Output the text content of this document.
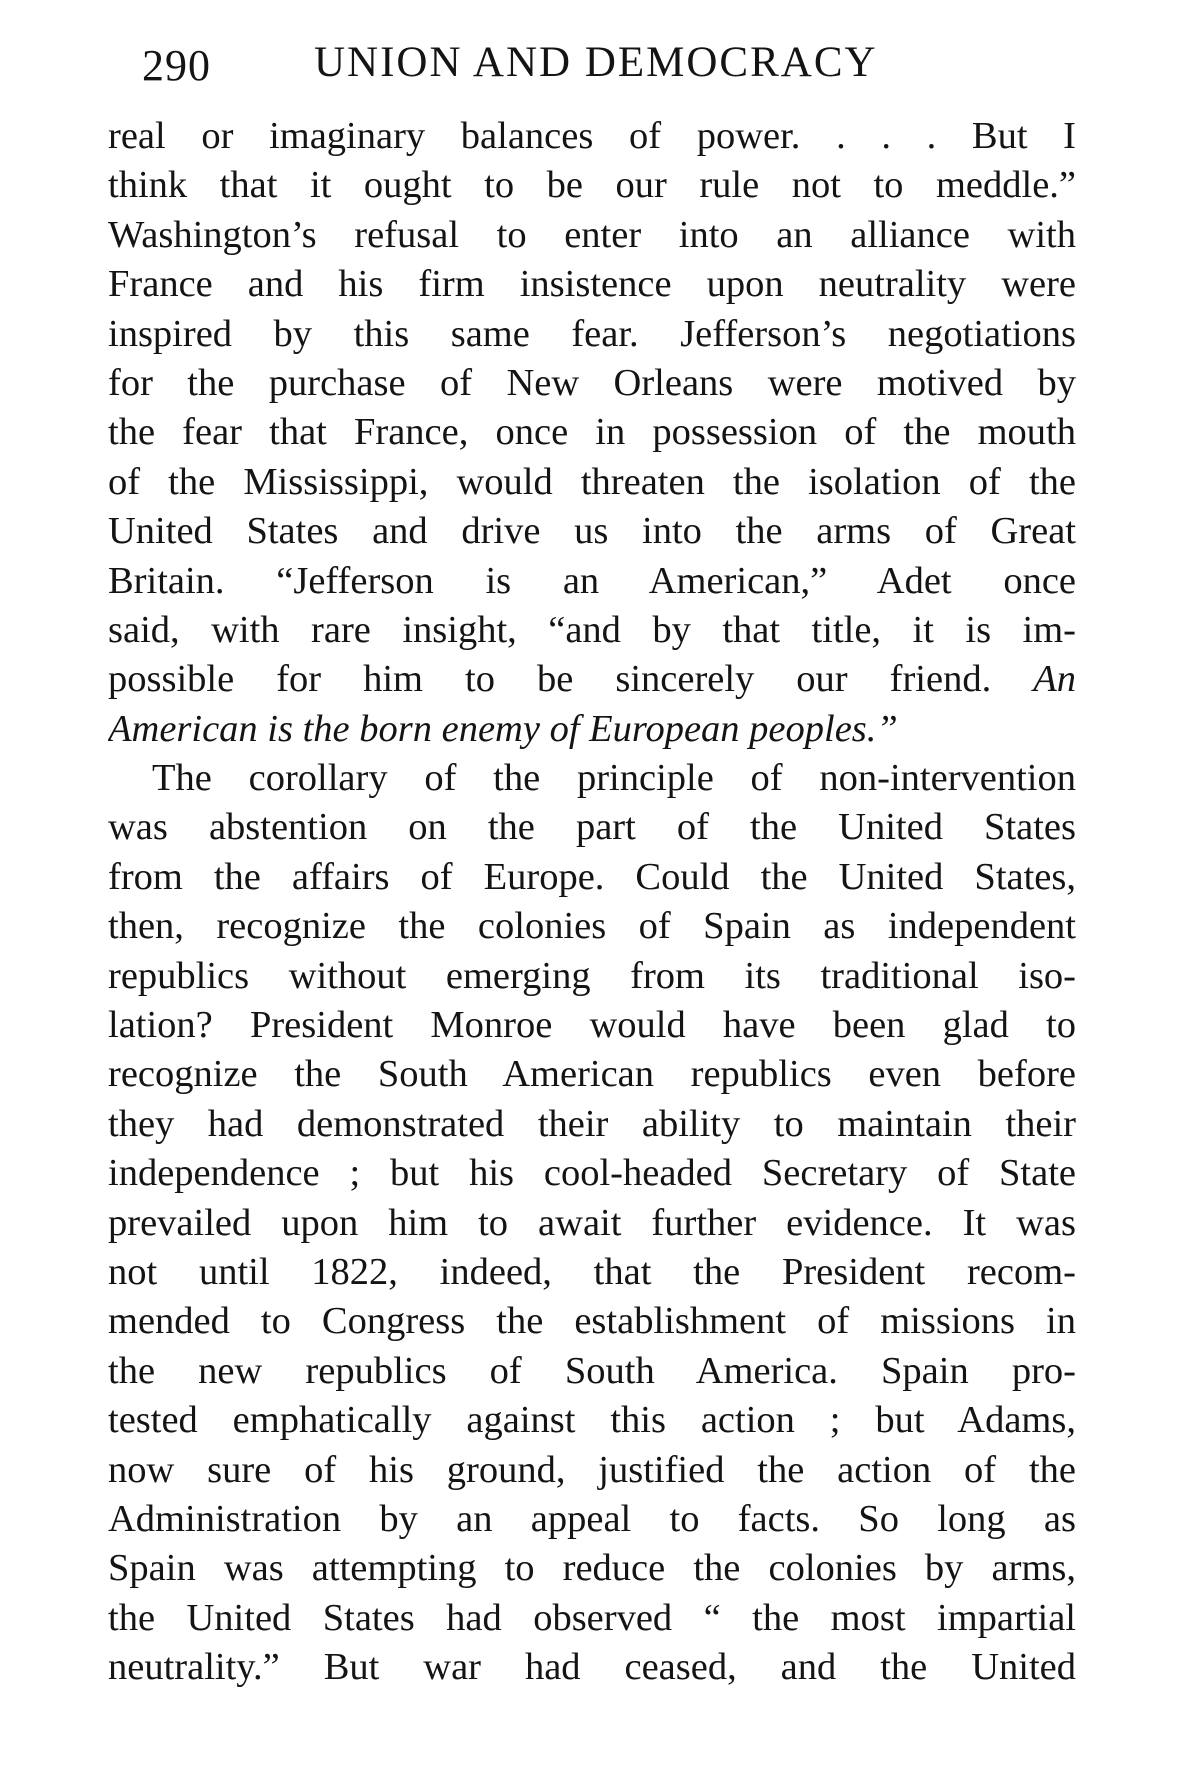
290 UNION AND DEMOCRACY
real or imaginary balances of power. . . . But I
think that it ought to be our rule not to meddle.”
Washington’s refusal to enter into an alliance with
France and his firm insistence upon neutrality were
inspired by this same fear. Jefferson’s negotiations
for the purchase of New Orleans were motived by
the fear that France, once in possession of the mouth
of the Mississippi, would threaten the isolation of the
United States and drive us into the arms of Great
Britain. “Jefferson is an American,” Adet once
said, with rare insight, “and by that title, it is im-
possible for him to be sincerely our friend. An
American is the born enemy of European peoples.”
The corollary of the principle of non-intervention
was abstention on the part of the United States
from the affairs of Europe. Could the United States,
then, recognize the colonies of Spain as independent
republics without emerging from its traditional iso-
lation? President Monroe would have been glad to
recognize the South American republics even before
they had demonstrated their ability to maintain their
independence ; but his cool-headed Secretary of State
prevailed upon him to await further evidence. It was
not until 1822, indeed, that the President recom-
mended to Congress the establishment of missions in
the new republics of South America. Spain pro-
tested emphatically against this action ; but Adams,
now sure of his ground, justified the action of the
Administration by an appeal to facts. So long as
Spain was attempting to reduce the colonies by arms,
the United States had observed “ the most impartial
neutrality.” But war had ceased, and the United
